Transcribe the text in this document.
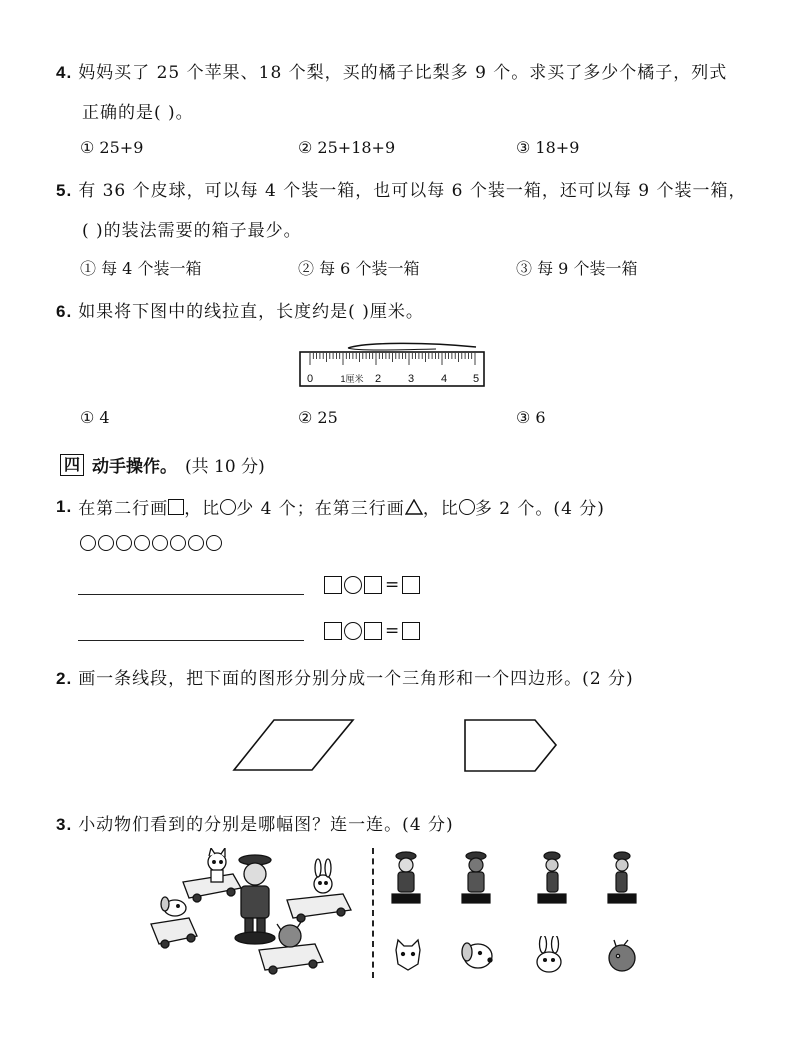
4. 妈妈买了 25 个苹果、18 个梨，买的橘子比梨多 9 个。求买了多少个橘子，列式
正确的是( )。
① 25+9	② 25+18+9	③ 18+9
5. 有 36 个皮球，可以每 4 个装一箱，也可以每 6 个装一箱，还可以每 9 个装一箱，
( )的装法需要的箱子最少。
① 每 4 个装一箱	② 每 6 个装一箱	③ 每 9 个装一箱
6. 如果将下图中的线拉直，长度约是( )厘米。
0	1厘米 2 3 4 5
① 4	② 25	③ 6
四 动手操作。 (共 10 分)
1. 在第二行画 ，比 少 4 个；在第三行画 ，比 多 2 个。(4 分)
=
=
2. 画一条线段，把下面的图形分别分成一个三角形和一个四边形。(2 分)
3. 小动物们看到的分别是哪幅图？连一连。(4 分)
